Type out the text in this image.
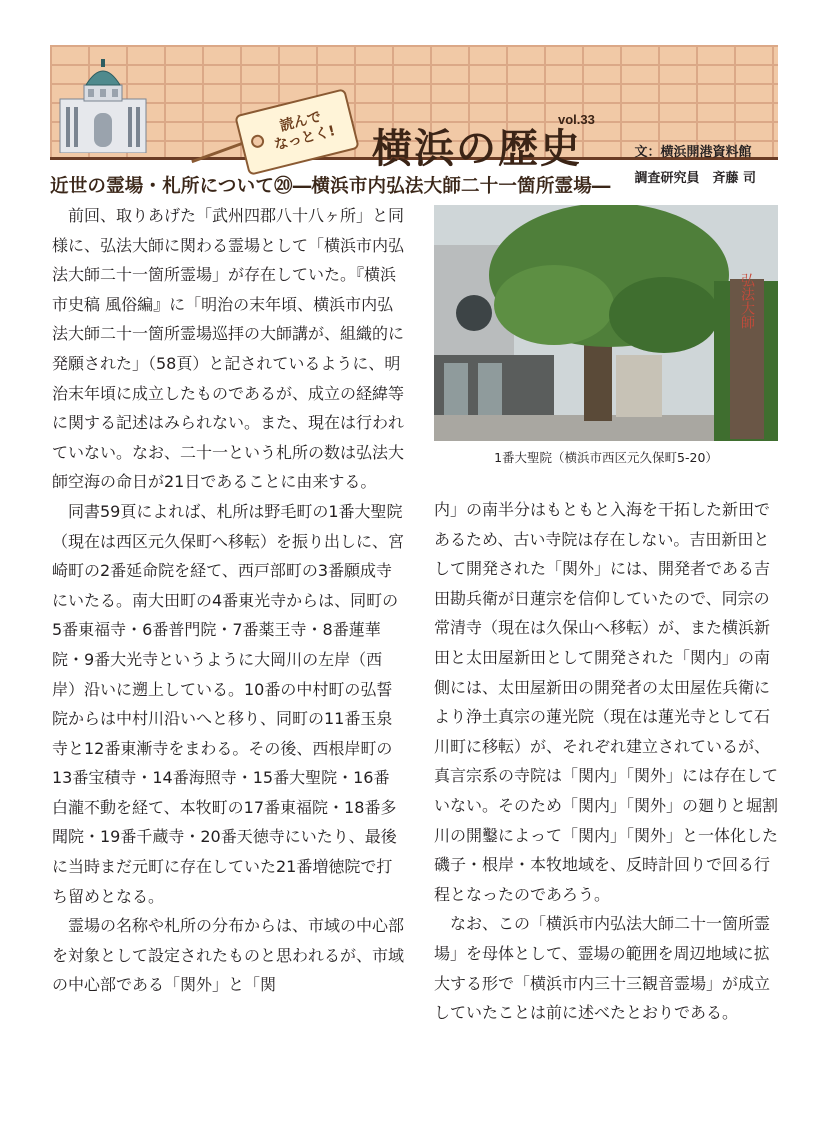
読んで
なっとく! 横浜の歴史
vol.33
文：横浜開港資料館
調査研究員　斉藤 司
近世の霊場・札所について⑳―横浜市内弘法大師二十一箇所霊場―

前回、取りあげた「武州四郡八十八ヶ所」と同様に、弘法大師に関わる霊場として「横浜市内弘法大師二十一箇所霊場」が存在していた。『横浜市史稿 風俗編』に「明治の末年頃、横浜市内弘法大師二十一箇所霊場巡拝の大師講が、組織的に発願された」（58頁）と記されているように、明治末年頃に成立したものであるが、成立の経緯等に関する記述はみられない。また、現在は行われていない。なお、二十一という札所の数は弘法大師空海の命日が21日であることに由来する。

同書59頁によれば、札所は野毛町の1番大聖院（現在は西区元久保町へ移転）を振り出しに、宮崎町の2番延命院を経て、西戸部町の3番願成寺にいたる。南大田町の4番東光寺からは、同町の5番東福寺・6番普門院・7番薬王寺・8番蓮華院・9番大光寺というように大岡川の左岸（西岸）沿いに遡上している。10番の中村町の弘誓院からは中村川沿いへと移り、同町の11番玉泉寺と12番東漸寺をまわる。その後、西根岸町の13番宝積寺・14番海照寺・15番大聖院・16番白瀧不動を経て、本牧町の17番東福院・18番多聞院・19番千蔵寺・20番天徳寺にいたり、最後に当時まだ元町に存在していた21番増徳院で打ち留めとなる。

霊場の名称や札所の分布からは、市域の中心部を対象として設定されたものと思われるが、市域の中心部である「関外」と「関

弘法大師
1番大聖院（横浜市西区元久保町5-20）

内」の南半分はもともと入海を干拓した新田であるため、古い寺院は存在しない。吉田新田として開発された「関外」には、開発者である吉田勘兵衛が日蓮宗を信仰していたので、同宗の常清寺（現在は久保山へ移転）が、また横浜新田と太田屋新田として開発された「関内」の南側には、太田屋新田の開発者の太田屋佐兵衛により浄土真宗の蓮光院（現在は蓮光寺として石川町に移転）が、それぞれ建立されているが、真言宗系の寺院は「関内」「関外」には存在していない。そのため「関内」「関外」の廻りと堀割川の開鑿によって「関内」「関外」と一体化した磯子・根岸・本牧地域を、反時計回りで回る行程となったのであろう。

なお、この「横浜市内弘法大師二十一箇所霊場」を母体として、霊場の範囲を周辺地域に拡大する形で「横浜市内三十三観音霊場」が成立していたことは前に述べたとおりである。
